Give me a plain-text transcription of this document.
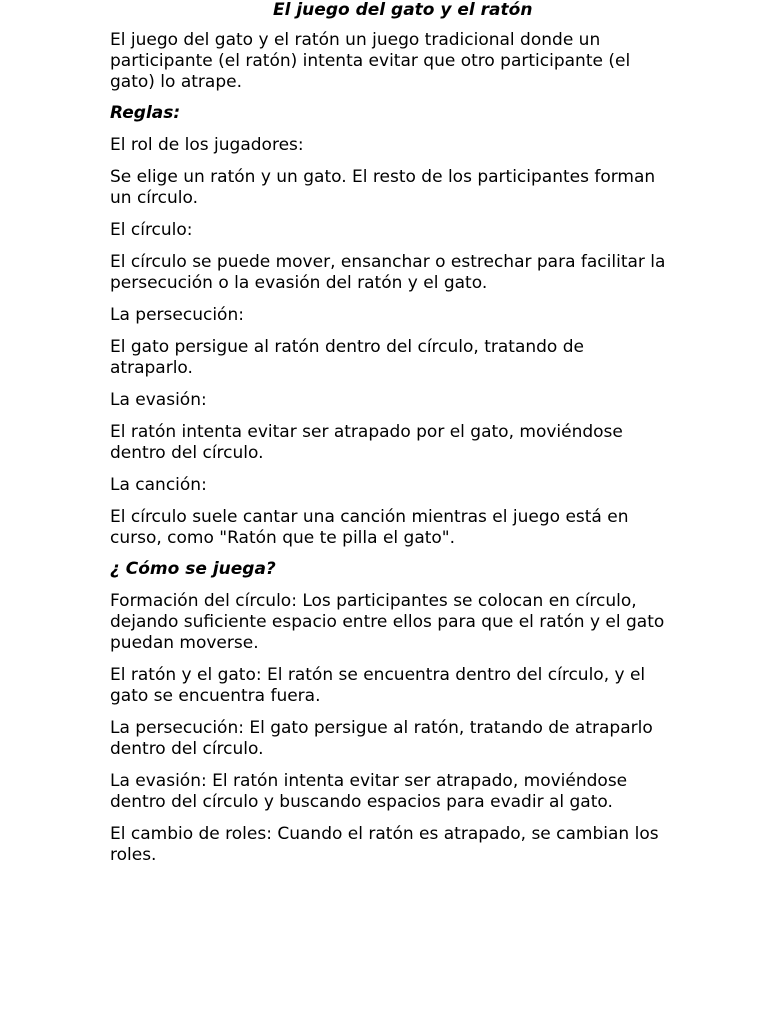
El juego del gato y el ratón

El juego del gato y el ratón un juego tradicional donde un participante (el ratón) intenta evitar que otro participante (el gato) lo atrape.

Reglas:

El rol de los jugadores:

Se elige un ratón y un gato. El resto de los participantes forman un círculo.

El círculo:

El círculo se puede mover, ensanchar o estrechar para facilitar la persecución o la evasión del ratón y el gato.

La persecución:

El gato persigue al ratón dentro del círculo, tratando de atraparlo.

La evasión:

El ratón intenta evitar ser atrapado por el gato, moviéndose dentro del círculo.

La canción:

El círculo suele cantar una canción mientras el juego está en curso, como "Ratón que te pilla el gato".

¿ Cómo se juega?

Formación del círculo: Los participantes se colocan en círculo, dejando suficiente espacio entre ellos para que el ratón y el gato puedan moverse.

El ratón y el gato: El ratón se encuentra dentro del círculo, y el gato se encuentra fuera.

La persecución: El gato persigue al ratón, tratando de atraparlo dentro del círculo.

La evasión: El ratón intenta evitar ser atrapado, moviéndose dentro del círculo y buscando espacios para evadir al gato.

El cambio de roles: Cuando el ratón es atrapado, se cambian los roles.
